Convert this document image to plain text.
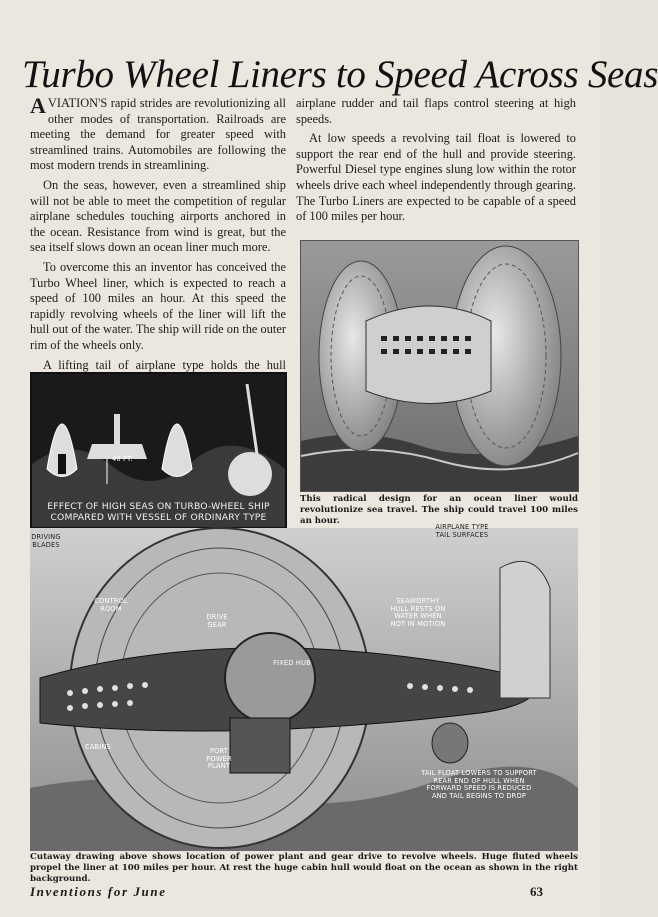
Turbo Wheel Liners to Speed Across Seas

AVIATION'S rapid strides are revolutionizing all other modes of transportation. Railroads are meeting the demand for greater speed with streamlined trains. Automobiles are following the most modern trends in streamlining.

On the seas, however, even a streamlined ship will not be able to meet the competition of regular airplane schedules touching airports anchored in the ocean. Resistance from wind is great, but the sea itself slows down an ocean liner much more.

To overcome this an inventor has conceived the Turbo Wheel liner, which is expected to reach a speed of 100 miles an hour. At this speed the rapidly revolving wheels of the liner will lift the hull out of the water. The ship will ride on the outer rim of the wheels only.

A lifting tail of airplane type holds the hull

airplane rudder and tail flaps control steering at high speeds.

At low speeds a revolving tail float is lowered to support the rear end of the hull and provide steering. Powerful Diesel type engines slung low within the rotor wheels drive each wheel independently through gearing. The Turbo Liners are expected to be capable of a speed of 100 miles per hour.

This radical design for an ocean liner would revolutionize sea travel. The ship could travel 100 miles an hour.
40 FT.
EFFECT OF HIGH SEAS ON TURBO-WHEEL SHIP COMPARED WITH VESSEL OF ORDINARY TYPE
DRIVING BLADES
CONTROL ROOM
DRIVE GEAR
FIXED HUB
CABINS	PORT POWER PLANT
AIRPLANE TYPE TAIL SURFACES
SEAWORTHY HULL RESTS ON WATER WHEN NOT IN MOTION
TAIL FLOAT LOWERS TO SUPPORT REAR END OF HULL WHEN FORWARD SPEED IS REDUCED AND TAIL BEGINS TO DROP
Cutaway drawing above shows location of power plant and gear drive to revolve wheels. Huge fluted wheels propel the liner at 100 miles per hour. At rest the huge cabin hull would float on the ocean as shown in the right background.
Inventions for June	63
